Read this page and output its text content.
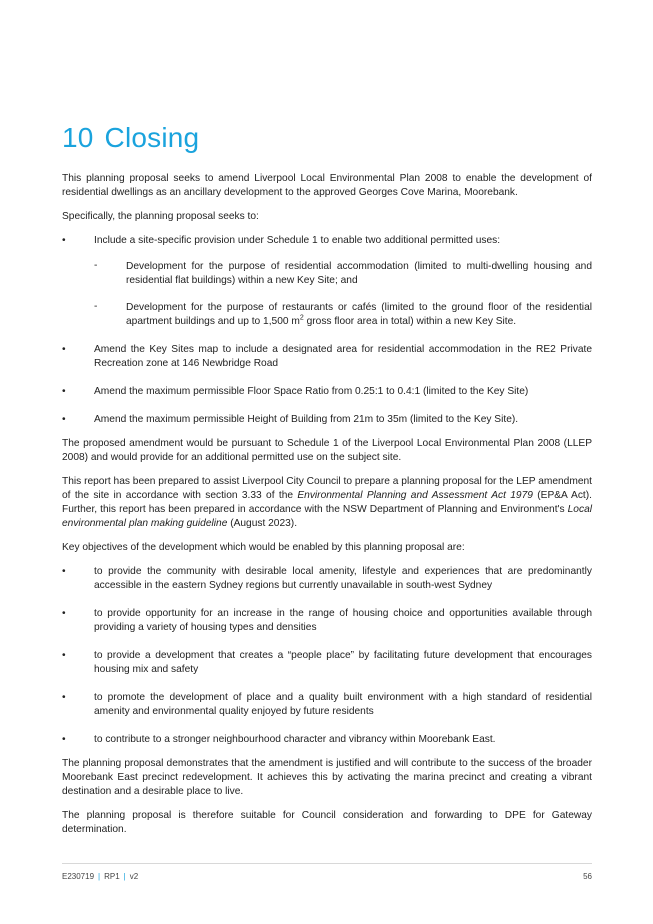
10 Closing

This planning proposal seeks to amend Liverpool Local Environmental Plan 2008 to enable the development of residential dwellings as an ancillary development to the approved Georges Cove Marina, Moorebank.

Specifically, the planning proposal seeks to:

•	Include a site-specific provision under Schedule 1 to enable two additional permitted uses:
-	Development for the purpose of residential accommodation (limited to multi-dwelling housing and residential flat buildings) within a new Key Site; and
-	Development for the purpose of restaurants or cafés (limited to the ground floor of the residential apartment buildings and up to 1,500 $m^2$ gross floor area in total) within a new Key Site.
•	Amend the Key Sites map to include a designated area for residential accommodation in the RE2 Private Recreation zone at 146 Newbridge Road
•	Amend the maximum permissible Floor Space Ratio from 0.25:1 to 0.4:1 (limited to the Key Site)
•	Amend the maximum permissible Height of Building from 21m to 35m (limited to the Key Site).

The proposed amendment would be pursuant to Schedule 1 of the Liverpool Local Environmental Plan 2008 (LLEP 2008) and would provide for an additional permitted use on the subject site.

This report has been prepared to assist Liverpool City Council to prepare a planning proposal for the LEP amendment of the site in accordance with section 3.33 of the Environmental Planning and Assessment Act 1979 (EP&A Act). Further, this report has been prepared in accordance with the NSW Department of Planning and Environment's Local environmental plan making guideline (August 2023).

Key objectives of the development which would be enabled by this planning proposal are:

•	to provide the community with desirable local amenity, lifestyle and experiences that are predominantly accessible in the eastern Sydney regions but currently unavailable in south-west Sydney
•	to provide opportunity for an increase in the range of housing choice and opportunities available through providing a variety of housing types and densities
•	to provide a development that creates a “people place” by facilitating future development that encourages housing mix and safety
•	to promote the development of place and a quality built environment with a high standard of residential amenity and environmental quality enjoyed by future residents
•	to contribute to a stronger neighbourhood character and vibrancy within Moorebank East.

The planning proposal demonstrates that the amendment is justified and will contribute to the success of the broader Moorebank East precinct redevelopment. It achieves this by activating the marina precinct and creating a vibrant destination and a desirable place to live.

The planning proposal is therefore suitable for Council consideration and forwarding to DPE for Gateway determination.

E230719 | RP1 | v2	56
